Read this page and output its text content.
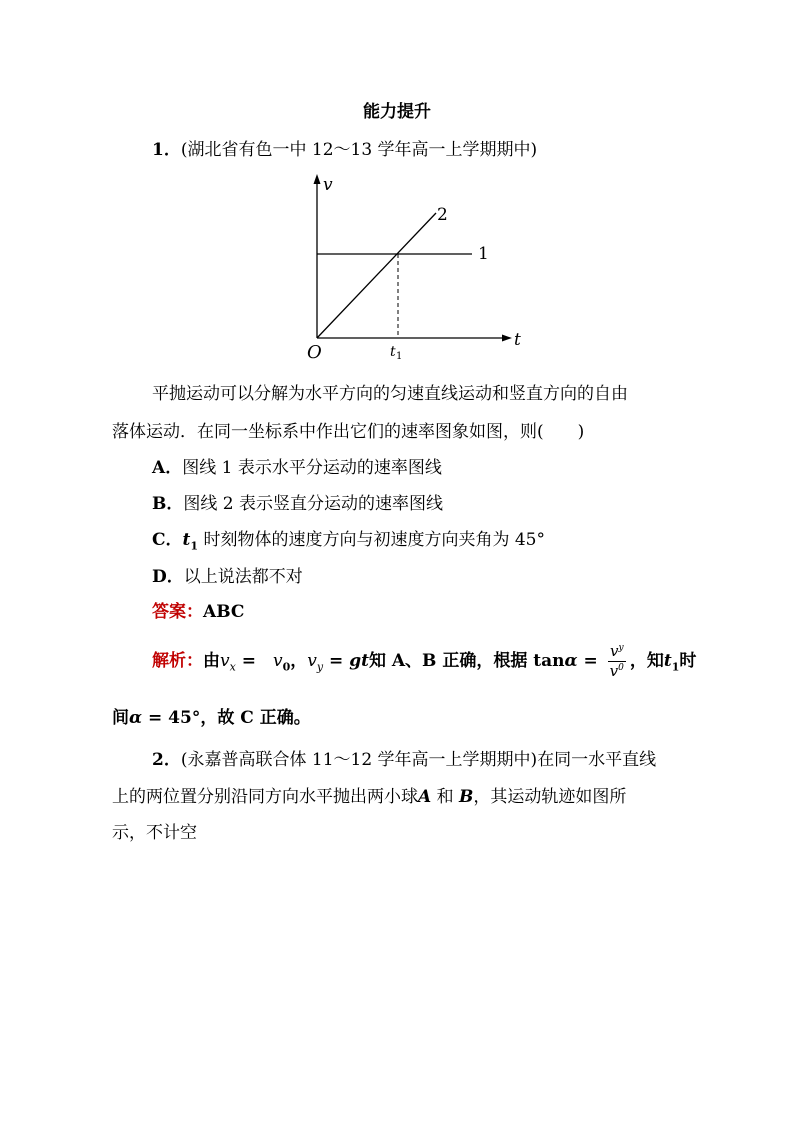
能力提升
1．(湖北省有色一中 12～13 学年高一上学期期中)
v
t
O	t 1
1
2
平抛运动可以分解为水平方向的匀速直线运动和竖直方向的自由
落体运动．在同一坐标系中作出它们的速率图象如图，则(　　)
A．图线 1 表示水平分运动的速率图线
B．图线 2 表示竖直分运动的速率图线
C．$t_1$ 时刻物体的速度方向与初速度方向夹角为 45°
D．以上说法都不对
答案：ABC
解析：由$v_x$ =　$v_0$，$v_y$ = gt知 A、B 正确，根据 $\tan\alpha = \frac{v^y}{v^0}$ ，知$t_1$时
间α = 45°，故 C 正确。
2．(永嘉普高联合体 11～12 学年高一上学期期中)在同一水平直线
上的两位置分别沿同方向水平抛出两小球A 和 B，其运动轨迹如图所
示，不计空
